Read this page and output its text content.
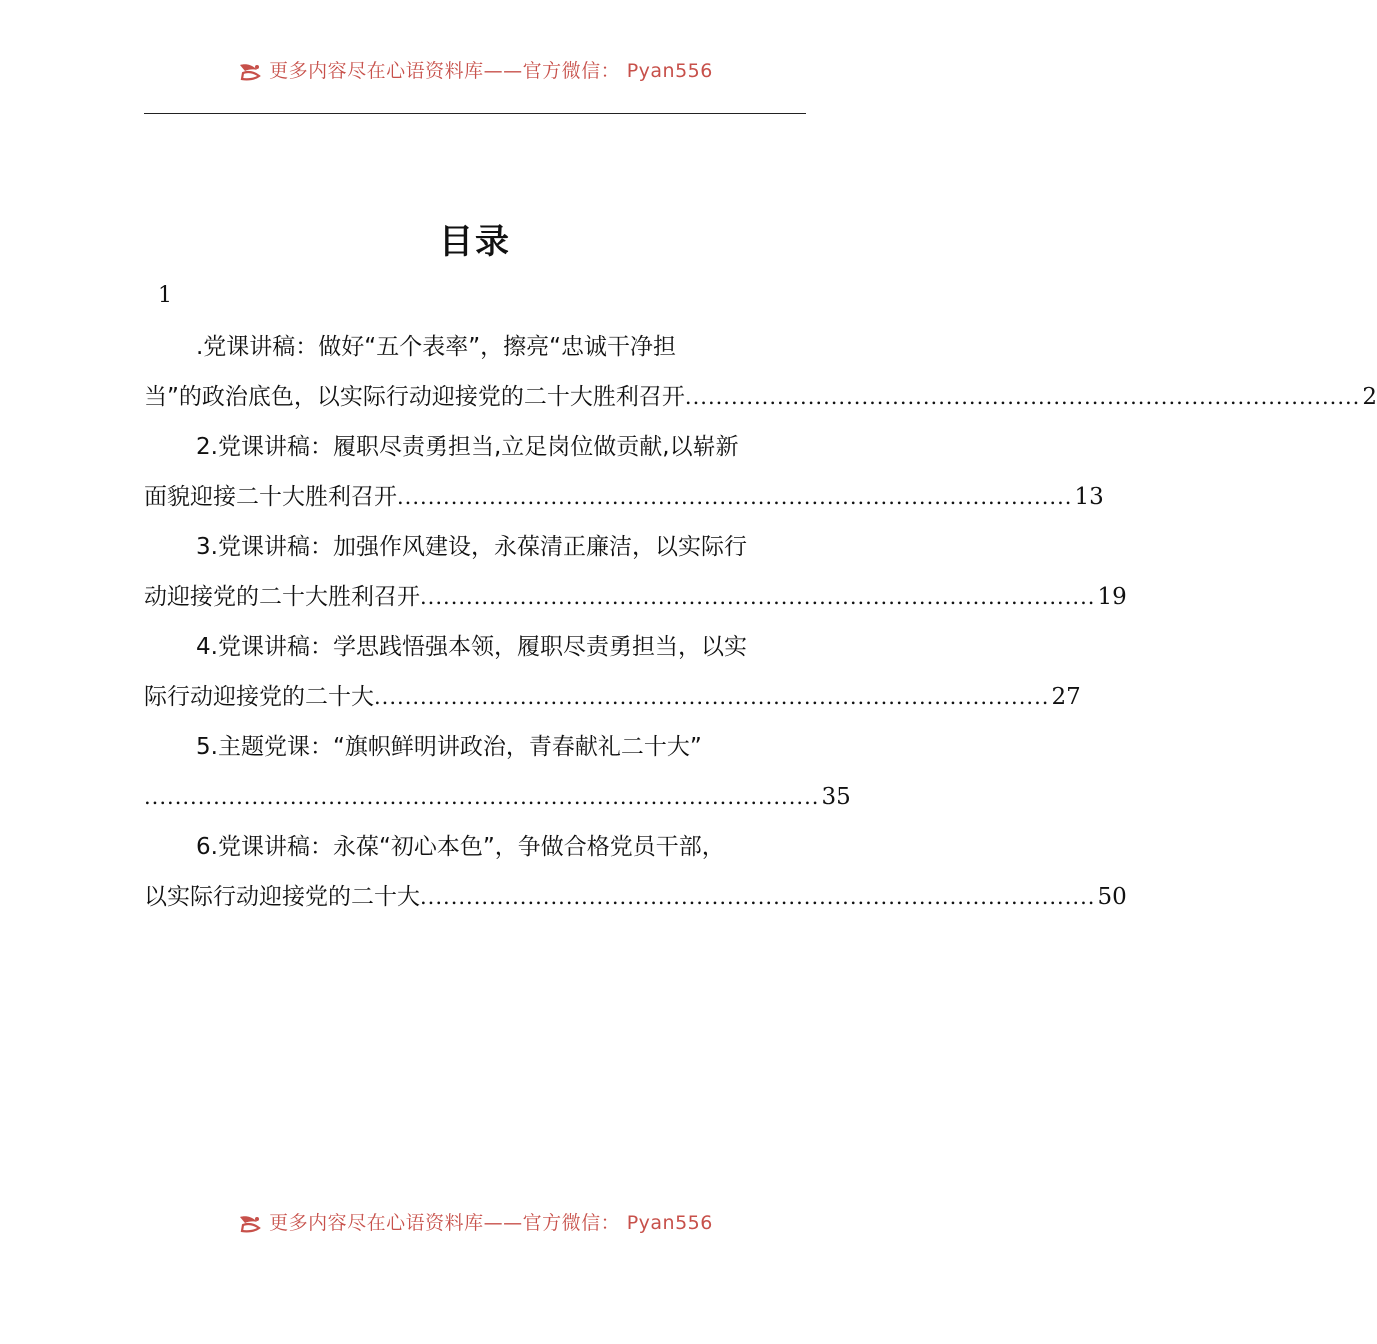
更多内容尽在心语资料库——官方微信： Pyan556
目录
1
.党课讲稿：做好“五个表率”，擦亮“忠诚干净担
当”的政治底色，以实际行动迎接党的二十大胜利召开 ........................................................................................ 2
2.党课讲稿：履职尽责勇担当,立足岗位做贡献,以崭新
面貌迎接二十大胜利召开 ........................................................................................ 13
3.党课讲稿：加强作风建设，永葆清正廉洁，以实际行
动迎接党的二十大胜利召开 ........................................................................................ 19
4.党课讲稿：学思践悟强本领，履职尽责勇担当，以实
际行动迎接党的二十大 ........................................................................................ 27
5.主题党课：“旗帜鲜明讲政治，青春献礼二十大”
........................................................................................ 35
6.党课讲稿：永葆“初心本色”，争做合格党员干部，
以实际行动迎接党的二十大 ........................................................................................ 50
更多内容尽在心语资料库——官方微信： Pyan556
